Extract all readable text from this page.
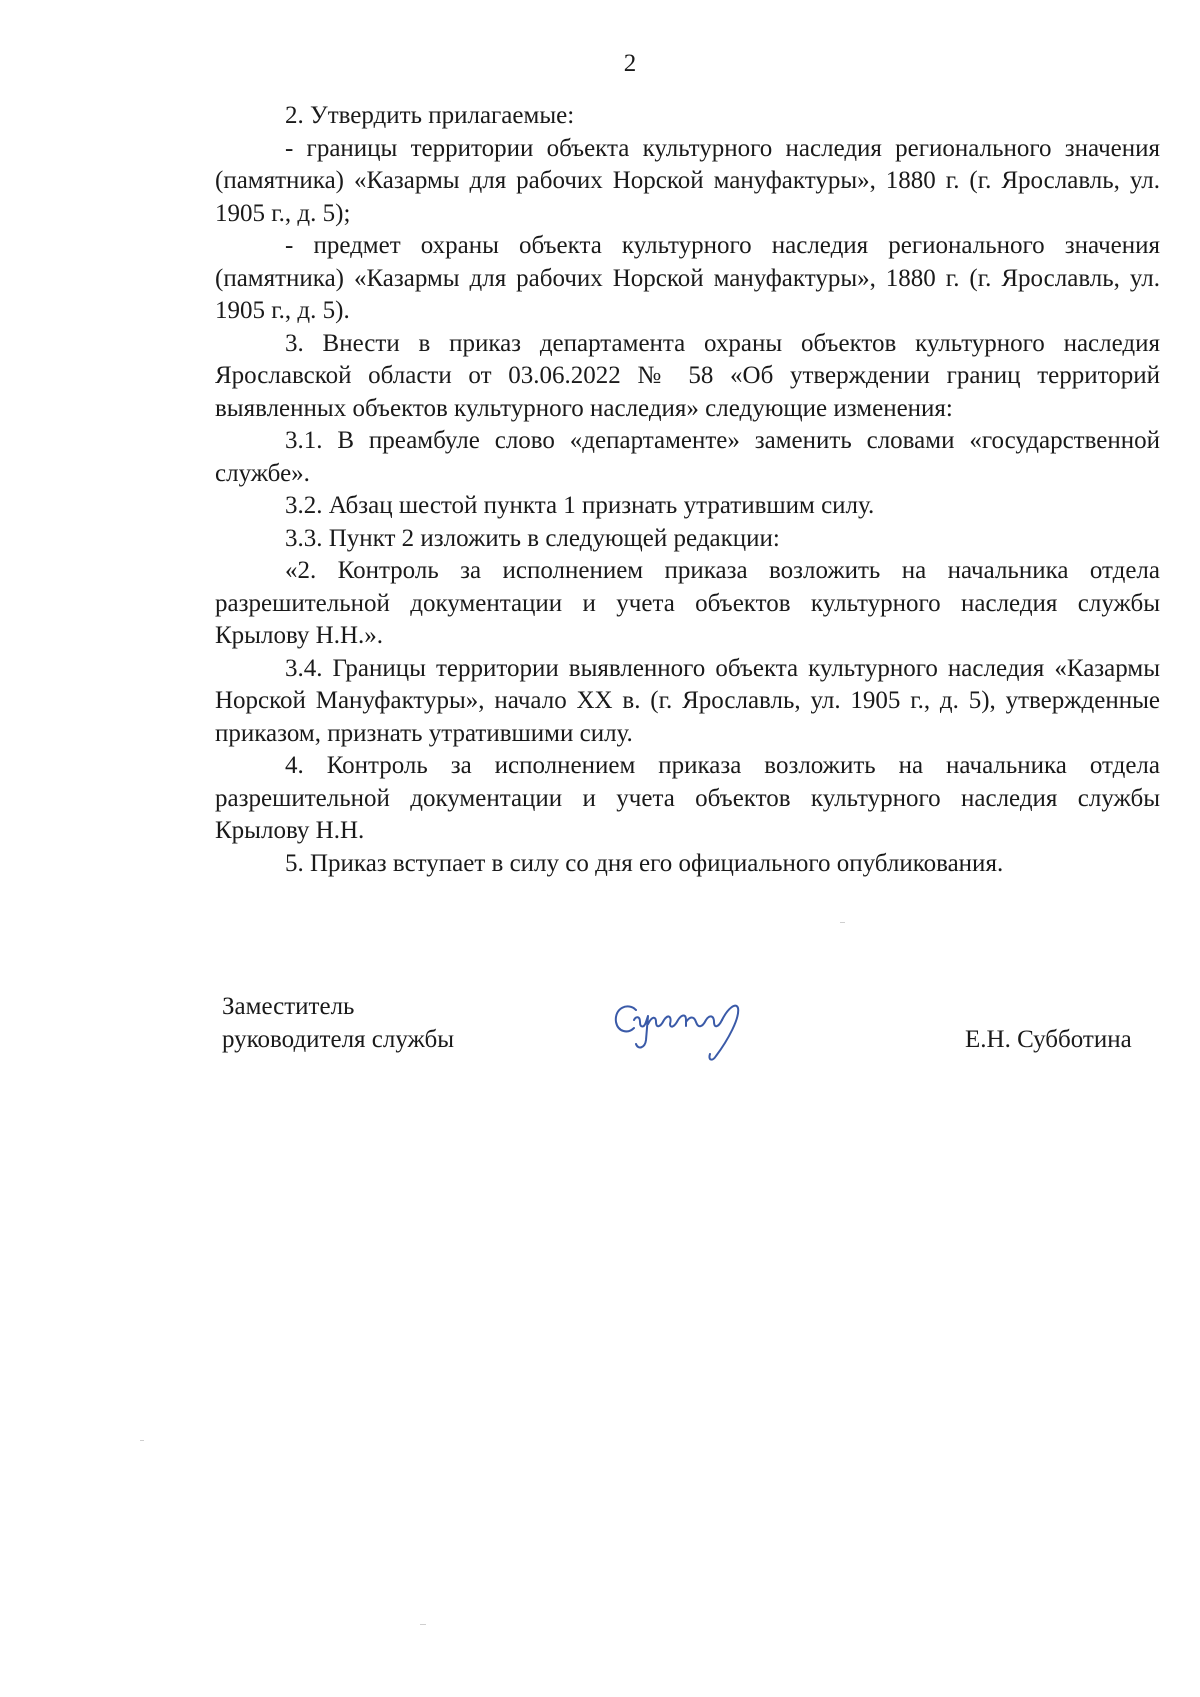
2

2. Утвердить прилагаемые:

- границы территории объекта культурного наследия регионального значения (памятника) «Казармы для рабочих Норской мануфактуры», 1880 г. (г. Ярославль, ул. 1905 г., д. 5);

- предмет охраны объекта культурного наследия регионального значения (памятника) «Казармы для рабочих Норской мануфактуры», 1880 г. (г. Ярославль, ул. 1905 г., д. 5).

3. Внести в приказ департамента охраны объектов культурного наследия Ярославской области от 03.06.2022 № 58 «Об утверждении границ территорий выявленных объектов культурного наследия» следующие изменения:

3.1. В преамбуле слово «департаменте» заменить словами «государственной службе».

3.2. Абзац шестой пункта 1 признать утратившим силу.

3.3. Пункт 2 изложить в следующей редакции:

«2. Контроль за исполнением приказа возложить на начальника отдела разрешительной документации и учета объектов культурного наследия службы Крылову Н.Н.».

3.4. Границы территории выявленного объекта культурного наследия «Казармы Норской Мануфактуры», начало XX в. (г. Ярославль, ул. 1905 г., д. 5), утвержденные приказом, признать утратившими силу.

4. Контроль за исполнением приказа возложить на начальника отдела разрешительной документации и учета объектов культурного наследия службы Крылову Н.Н.

5. Приказ вступает в силу со дня его официального опубликования.

Заместитель
руководителя службы	Е.Н. Субботина
